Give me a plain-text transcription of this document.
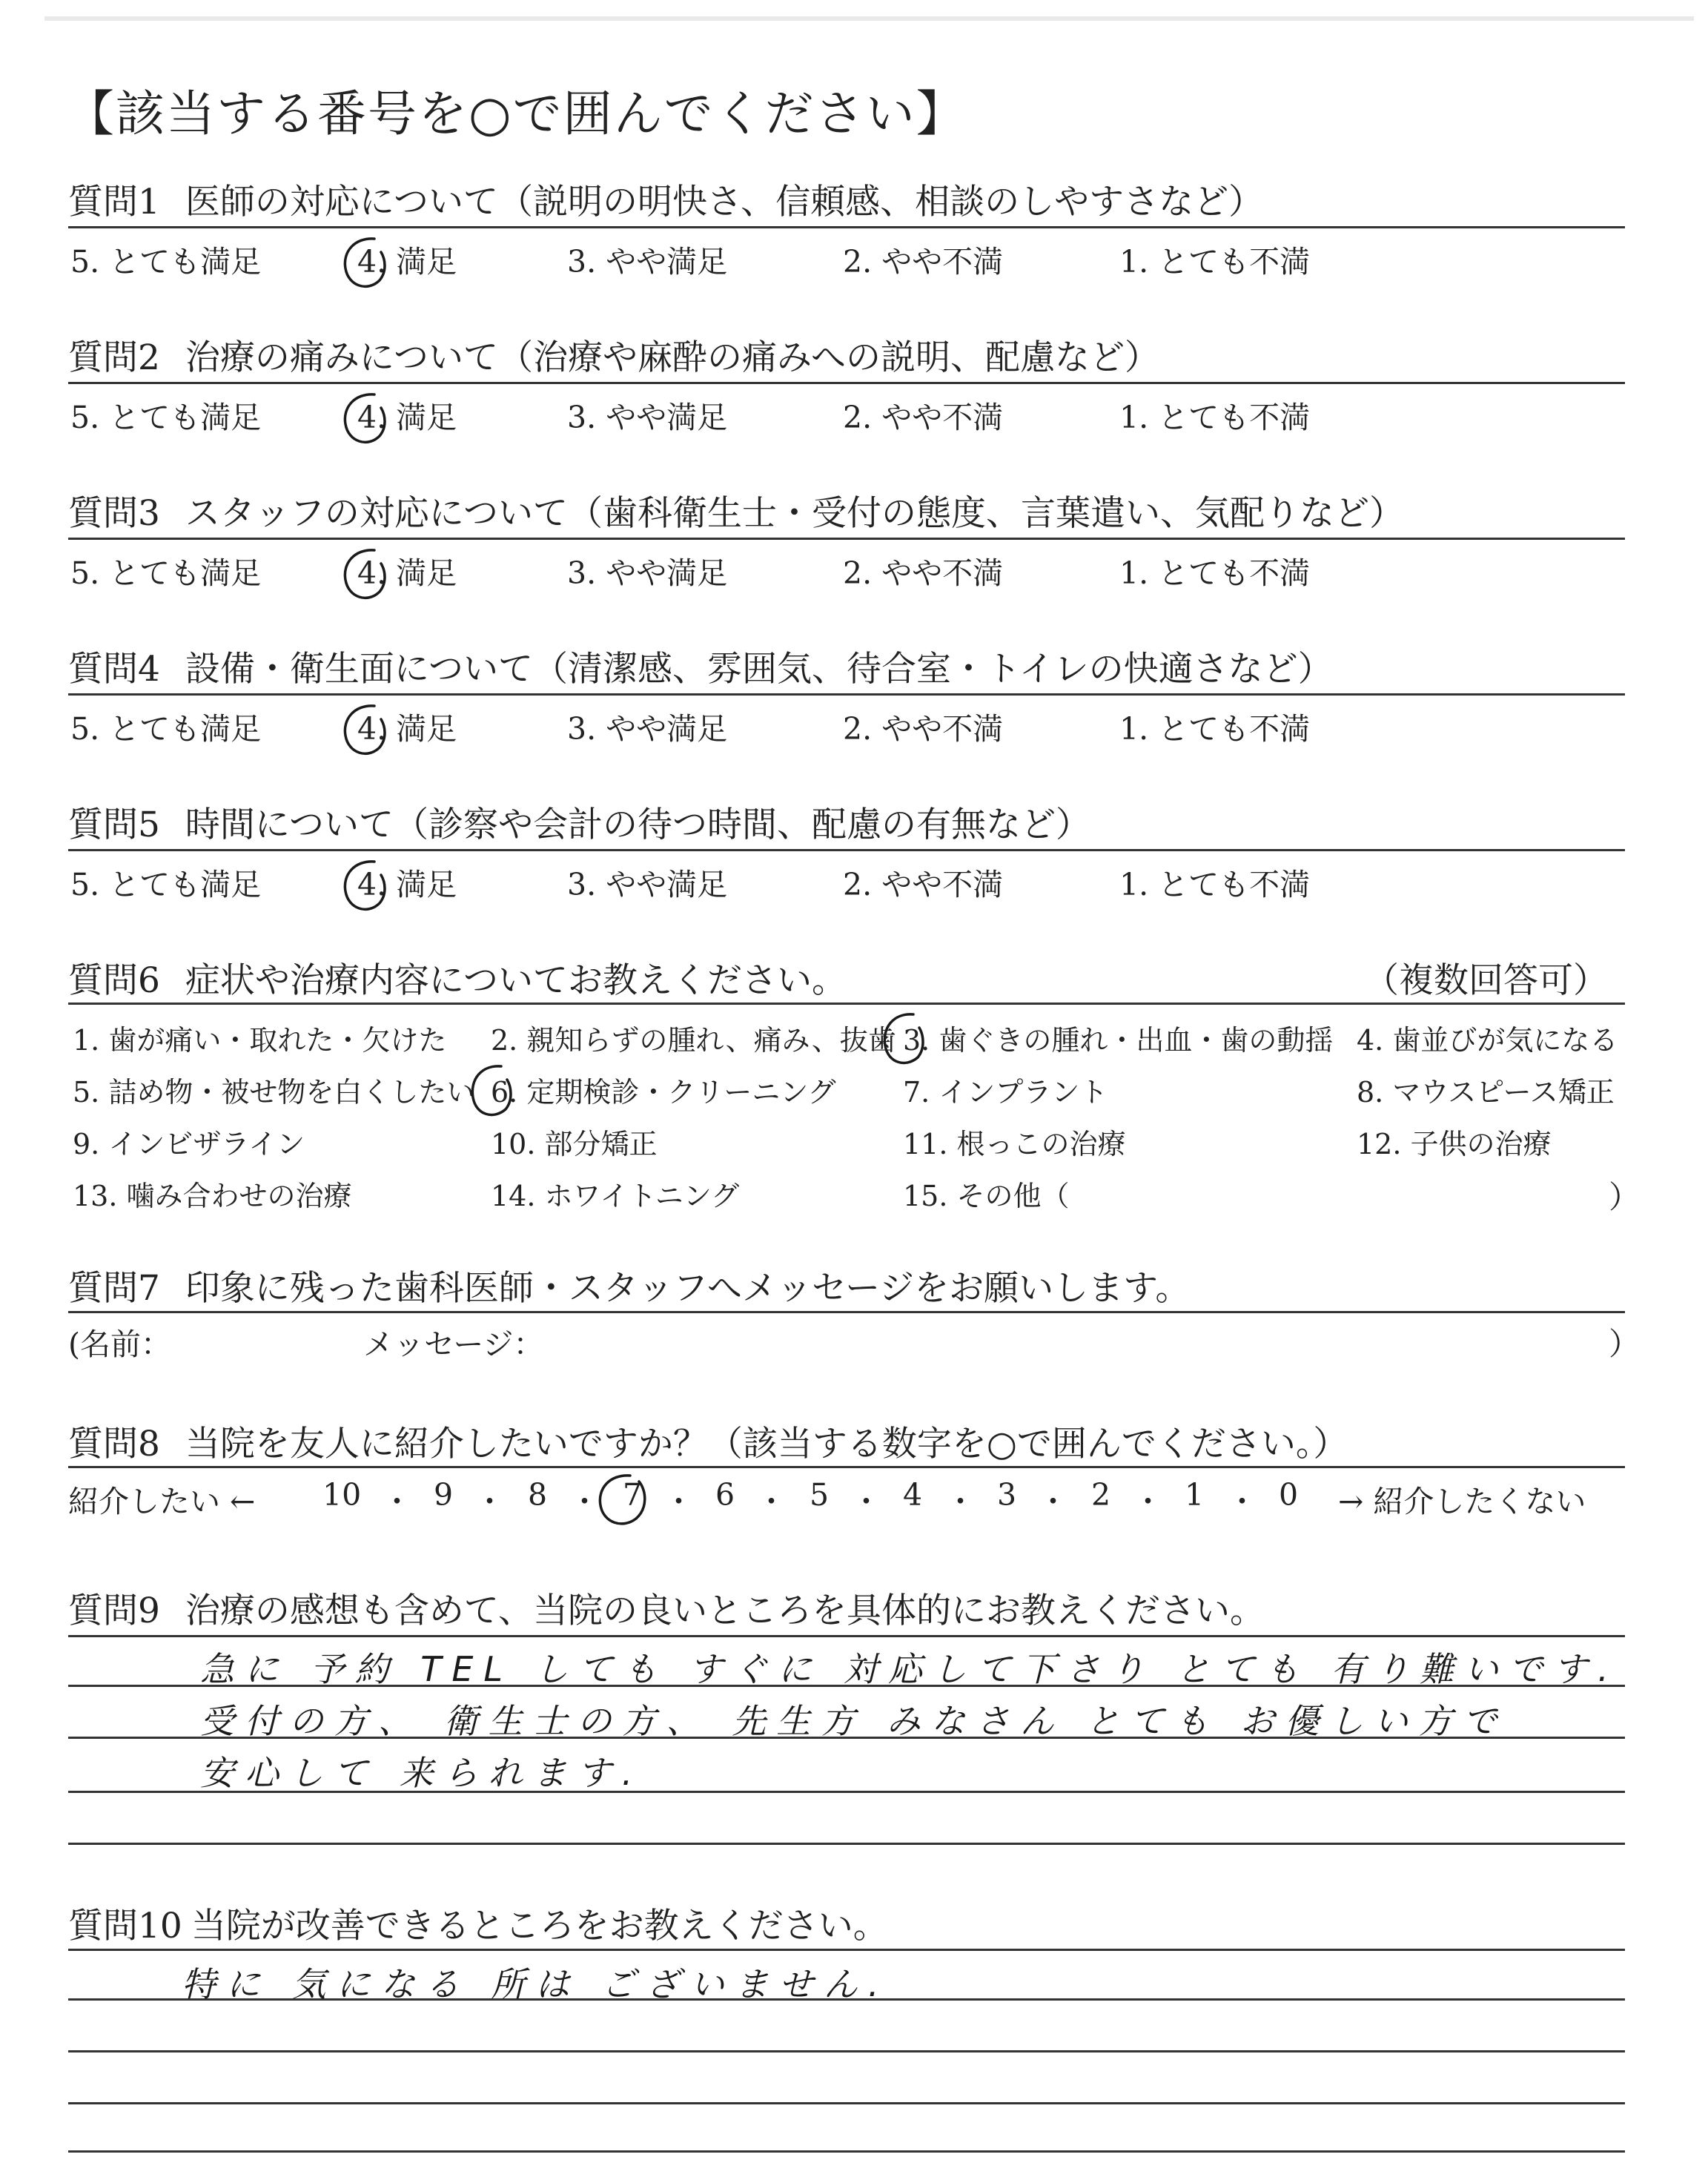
【該当する番号を○で囲んでください】
質問1 医師の対応について（説明の明快さ、信頼感、相談のしやすさなど）
5. とても満足	4. 満足	3. やや満足	2. やや不満	1. とても不満
質問2 治療の痛みについて（治療や麻酔の痛みへの説明、配慮など）
5. とても満足	4. 満足	3. やや満足	2. やや不満	1. とても不満
質問3 スタッフの対応について（歯科衛生士・受付の態度、言葉遣い、気配りなど）
5. とても満足	4. 満足	3. やや満足	2. やや不満	1. とても不満
質問4 設備・衛生面について（清潔感、雰囲気、待合室・トイレの快適さなど）
5. とても満足	4. 満足	3. やや満足	2. やや不満	1. とても不満
質問5 時間について（診察や会計の待つ時間、配慮の有無など）
5. とても満足	4. 満足	3. やや満足	2. やや不満	1. とても不満
質問6 症状や治療内容についてお教えください。	（複数回答可）
1. 歯が痛い・取れた・欠けた 2. 親知らずの腫れ、痛み、抜歯 3. 歯ぐきの腫れ・出血・歯の動揺 4. 歯並びが気になる
5. 詰め物・被せ物を白くしたい 6. 定期検診・クリーニング 7. インプラント	8. マウスピース矯正
9. インビザライン	10. 部分矯正	11. 根っこの治療	12. 子供の治療
13. 噛み合わせの治療	14. ホワイトニング	15. その他（	）
質問7 印象に残った歯科医師・スタッフへメッセージをお願いします。
(名前：	メッセージ：	）
質問8 当院を友人に紹介したいですか？（該当する数字を○で囲んでください。）
紹介したい ← 10 ・ 9 ・ 8 ・ 7 ・ 6 ・ 5 ・ 4 ・ 3 ・ 2 ・ 1 ・ 0 → 紹介したくない
質問9 治療の感想も含めて、当院の良いところを具体的にお教えください。
急に 予約 TEL しても すぐに 対応して下さり とても 有り難いです.
受付の方、 衛生士の方、 先生方 みなさん とても お優しい方で
安心して 来られます.
質問10 当院が改善できるところをお教えください。
特に 気になる 所は ございません.
